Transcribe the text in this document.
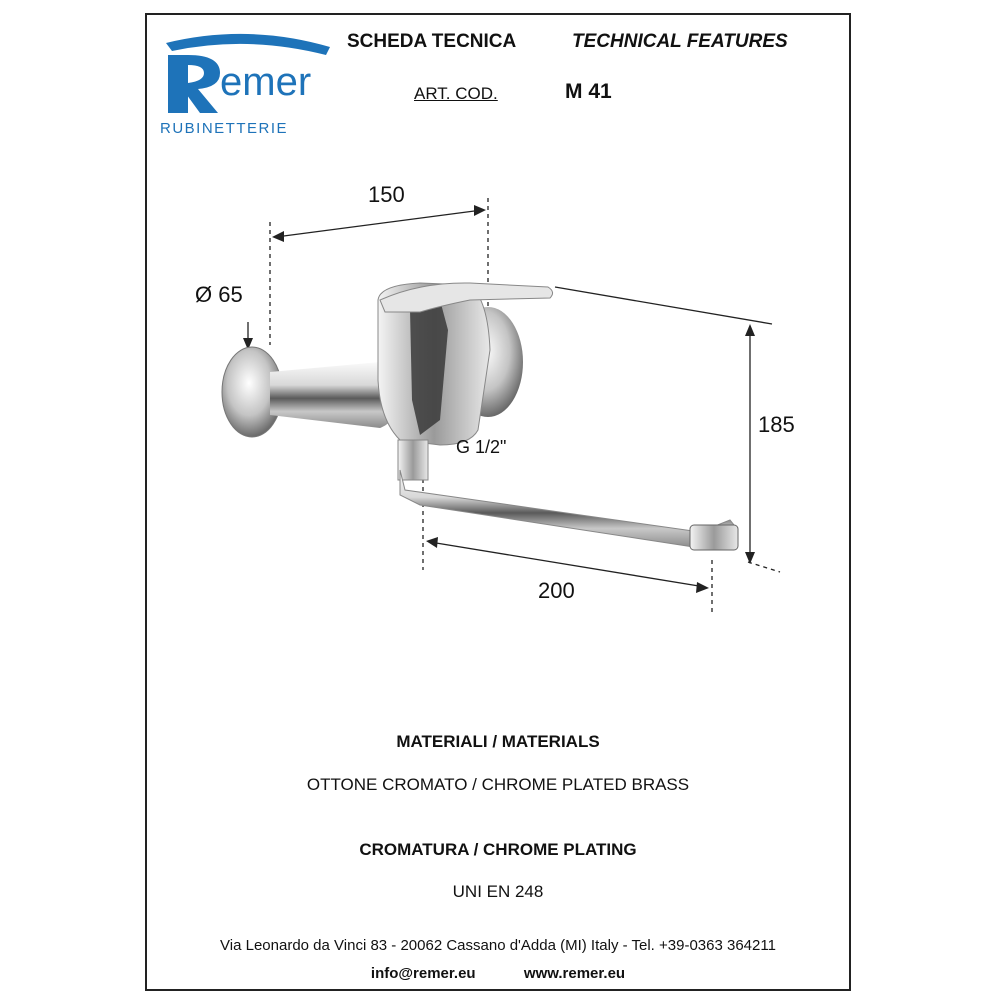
emer
RUBINETTERIE
SCHEDA TECNICA	TECHNICAL FEATURES
ART. COD.	M 41
150
Ø 65
185
G 1/2"
200
MATERIALI / MATERIALS
OTTONE CROMATO / CHROME PLATED BRASS
CROMATURA / CHROME PLATING
UNI EN 248
Via Leonardo da Vinci 83 - 20062 Cassano d'Adda (MI) Italy - Tel. +39-0363 364211
info@remer.eu	www.remer.eu
